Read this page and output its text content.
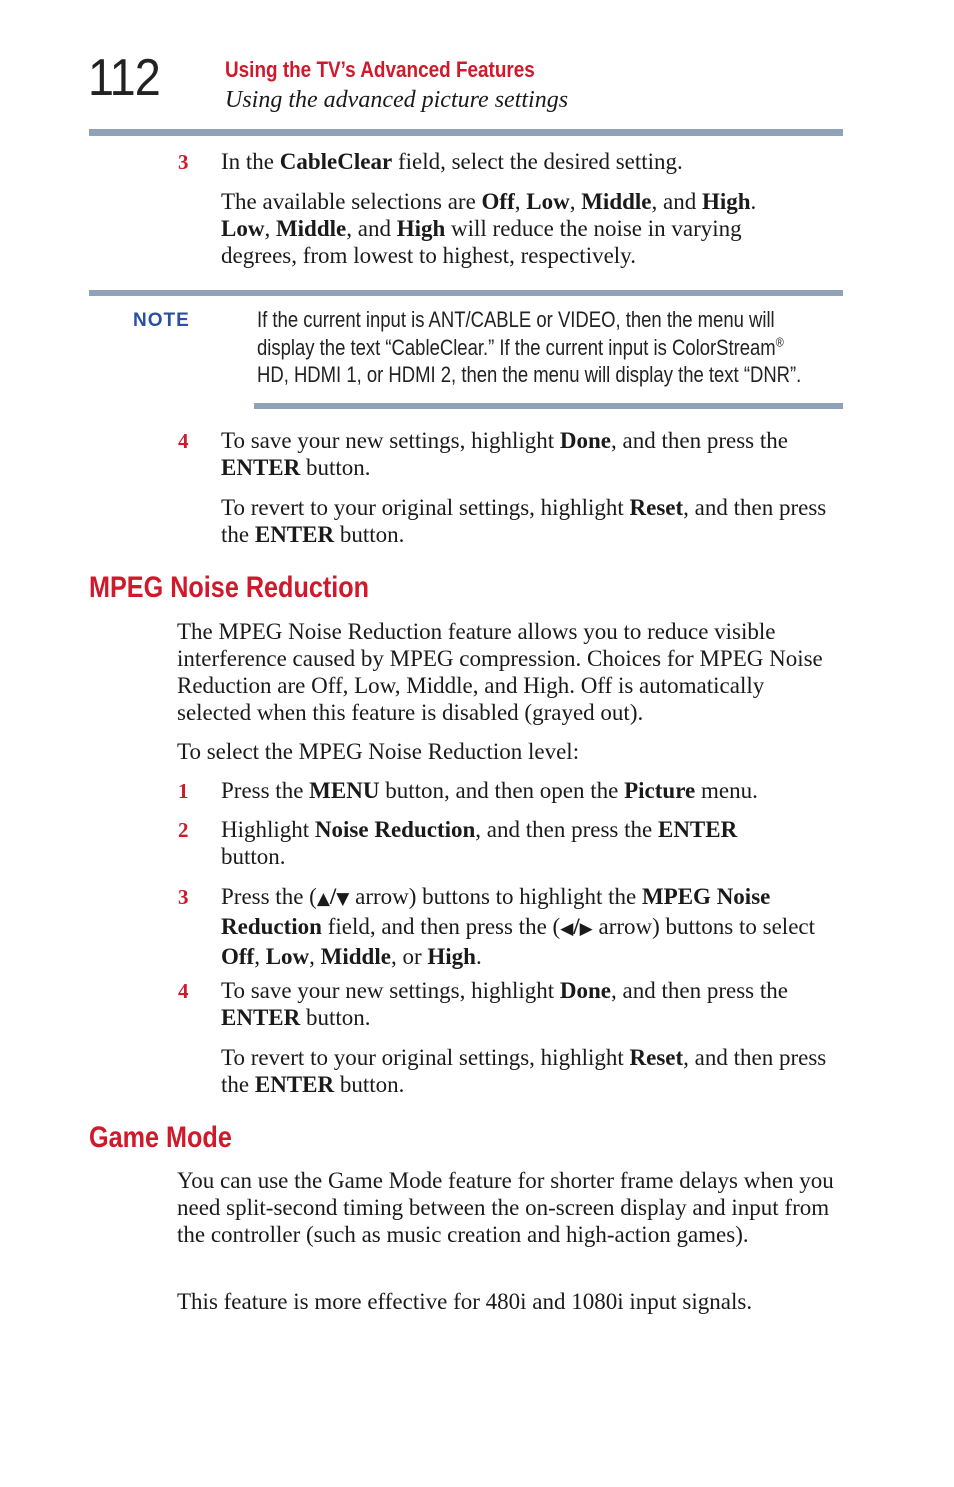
112	Using the TV’s Advanced Features
Using the advanced picture settings
3 In the CableClear field, select the desired setting.

The available selections are Off, Low, Middle, and High.
Low, Middle, and High will reduce the noise in varying degrees, from lowest to highest, respectively.

NOTE	If the current input is ANT/CABLE or VIDEO, then the menu will display the text “CableClear.” If the current input is ColorStream® HD, HDMI 1, or HDMI 2, then the menu will display the text “DNR”.

4 To save your new settings, highlight Done, and then press the ENTER button.

To revert to your original settings, highlight Reset, and then press the ENTER button.

MPEG Noise Reduction

The MPEG Noise Reduction feature allows you to reduce visible interference caused by MPEG compression. Choices for MPEG Noise Reduction are Off, Low, Middle, and High. Off is automatically selected when this feature is disabled (grayed out).

To select the MPEG Noise Reduction level:

1 Press the MENU button, and then open the Picture menu.

2 Highlight Noise Reduction, and then press the ENTER button.

3 Press the (▲/▼ arrow) buttons to highlight the MPEG Noise Reduction field, and then press the (◀/▶ arrow) buttons to select Off, Low, Middle, or High.

4 To save your new settings, highlight Done, and then press the ENTER button.

To revert to your original settings, highlight Reset, and then press the ENTER button.

Game Mode

You can use the Game Mode feature for shorter frame delays when you need split-second timing between the on-screen display and input from the controller (such as music creation and high-action games).

This feature is more effective for 480i and 1080i input signals.
